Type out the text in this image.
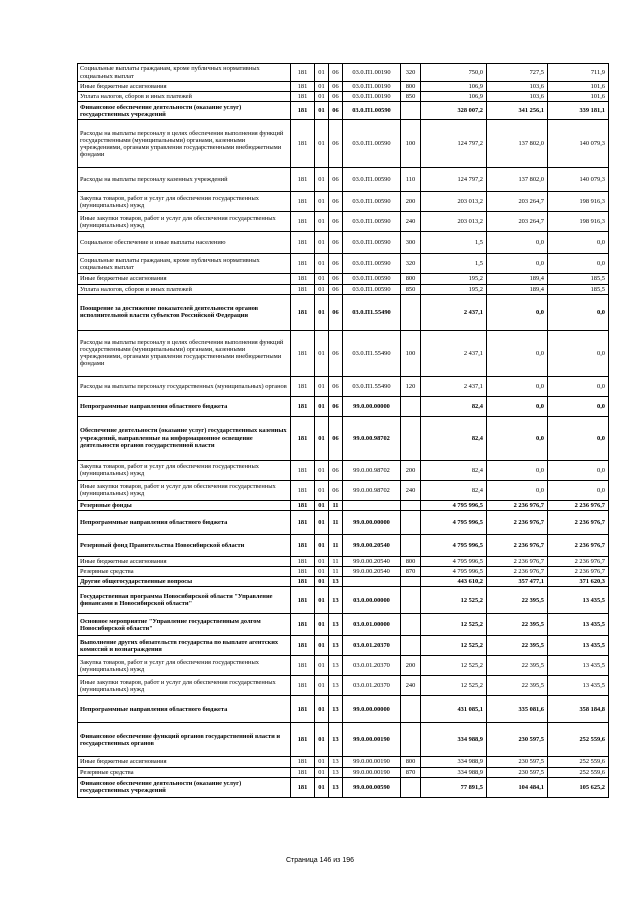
Социальные выплаты гражданам, кроме публичных нормативных социальных выплат	181	01	06	03.0.П1.00190	320	750,0	727,5	711,9
Иные бюджетные ассигнования	181	01	06	03.0.П1.00190	800	106,9	103,6	101,6
Уплата налогов, сборов и иных платежей	181	01	06	03.0.П1.00190	850	106,9	103,6	101,6
Финансовое обеспечение деятельности (оказание услуг) государственных учреждений	181	01	06	03.0.П1.00590		328 007,2	341 256,1	339 181,1
Расходы на выплаты персоналу в целях обеспечения выполнения функций государственными (муниципальными) органами, казенными учреждениями, органами управления государственными внебюджетными фондами	181	01	06	03.0.П1.00590	100	124 797,2	137 802,0	140 079,3
Расходы на выплаты персоналу казенных учреждений	181	01	06	03.0.П1.00590	110	124 797,2	137 802,0	140 079,3
Закупка товаров, работ и услуг для обеспечения государственных (муниципальных) нужд	181	01	06	03.0.П1.00590	200	203 013,2	203 264,7	198 916,3
Иные закупки товаров, работ и услуг для обеспечения государственных (муниципальных) нужд	181	01	06	03.0.П1.00590	240	203 013,2	203 264,7	198 916,3
Социальное обеспечение и иные выплаты населению	181	01	06	03.0.П1.00590	300	1,5	0,0	0,0
Социальные выплаты гражданам, кроме публичных нормативных социальных выплат	181	01	06	03.0.П1.00590	320	1,5	0,0	0,0
Иные бюджетные ассигнования	181	01	06	03.0.П1.00590	800	195,2	189,4	185,5
Уплата налогов, сборов и иных платежей	181	01	06	03.0.П1.00590	850	195,2	189,4	185,5
Поощрение за достижение показателей деятельности органов исполнительной власти субъектов Российской Федерации	181	01	06	03.0.П1.55490		2 437,1	0,0	0,0
Расходы на выплаты персоналу в целях обеспечения выполнения функций государственными (муниципальными) органами, казенными учреждениями, органами управления государственными внебюджетными фондами	181	01	06	03.0.П1.55490	100	2 437,1	0,0	0,0
Расходы на выплаты персоналу государственных (муниципальных) органов	181	01	06	03.0.П1.55490	120	2 437,1	0,0	0,0
Непрограммные направления областного бюджета	181	01	06	99.0.00.00000		82,4	0,0	0,0
Обеспечение деятельности (оказание услуг) государственных казенных учреждений, направленные на информационное освещение деятельности органов государственной власти	181	01	06	99.0.00.98702		82,4	0,0	0,0
Закупка товаров, работ и услуг для обеспечения государственных (муниципальных) нужд	181	01	06	99.0.00.98702	200	82,4	0,0	0,0
Иные закупки товаров, работ и услуг для обеспечения государственных (муниципальных) нужд	181	01	06	99.0.00.98702	240	82,4	0,0	0,0
Резервные фонды	181	01	11			4 795 996,5	2 236 976,7	2 236 976,7
Непрограммные направления областного бюджета	181	01	11	99.0.00.00000		4 795 996,5	2 236 976,7	2 236 976,7
Резервный фонд Правительства Новосибирской области	181	01	11	99.0.00.20540		4 795 996,5	2 236 976,7	2 236 976,7
Иные бюджетные ассигнования	181	01	11	99.0.00.20540	800	4 795 996,5	2 236 976,7	2 236 976,7
Резервные средства	181	01	11	99.0.00.20540	870	4 795 996,5	2 236 976,7	2 236 976,7
Другие общегосударственные вопросы	181	01	13			443 610,2	357 477,1	371 620,3
Государственная программа Новосибирской области "Управление финансами в Новосибирской области"	181	01	13	03.0.00.00000		12 525,2	22 395,5	13 435,5
Основное мероприятие "Управление государственным долгом Новосибирской области"	181	01	13	03.0.01.00000		12 525,2	22 395,5	13 435,5
Выполнение других обязательств государства по выплате агентских комиссий и вознаграждения	181	01	13	03.0.01.20370		12 525,2	22 395,5	13 435,5
Закупка товаров, работ и услуг для обеспечения государственных (муниципальных) нужд	181	01	13	03.0.01.20370	200	12 525,2	22 395,5	13 435,5
Иные закупки товаров, работ и услуг для обеспечения государственных (муниципальных) нужд	181	01	13	03.0.01.20370	240	12 525,2	22 395,5	13 435,5
Непрограммные направления областного бюджета	181	01	13	99.0.00.00000		431 085,1	335 081,6	358 184,8
Финансовое обеспечение функций органов государственной власти и государственных органов	181	01	13	99.0.00.00190		334 988,9	230 597,5	252 559,6
Иные бюджетные ассигнования	181	01	13	99.0.00.00190	800	334 988,9	230 597,5	252 559,6
Резервные средства	181	01	13	99.0.00.00190	870	334 988,9	230 597,5	252 559,6
Финансовое обеспечение деятельности (оказание услуг) государственных учреждений	181	01	13	99.0.00.00590		77 891,5	104 484,1	105 625,2
Страница 146 из 196
